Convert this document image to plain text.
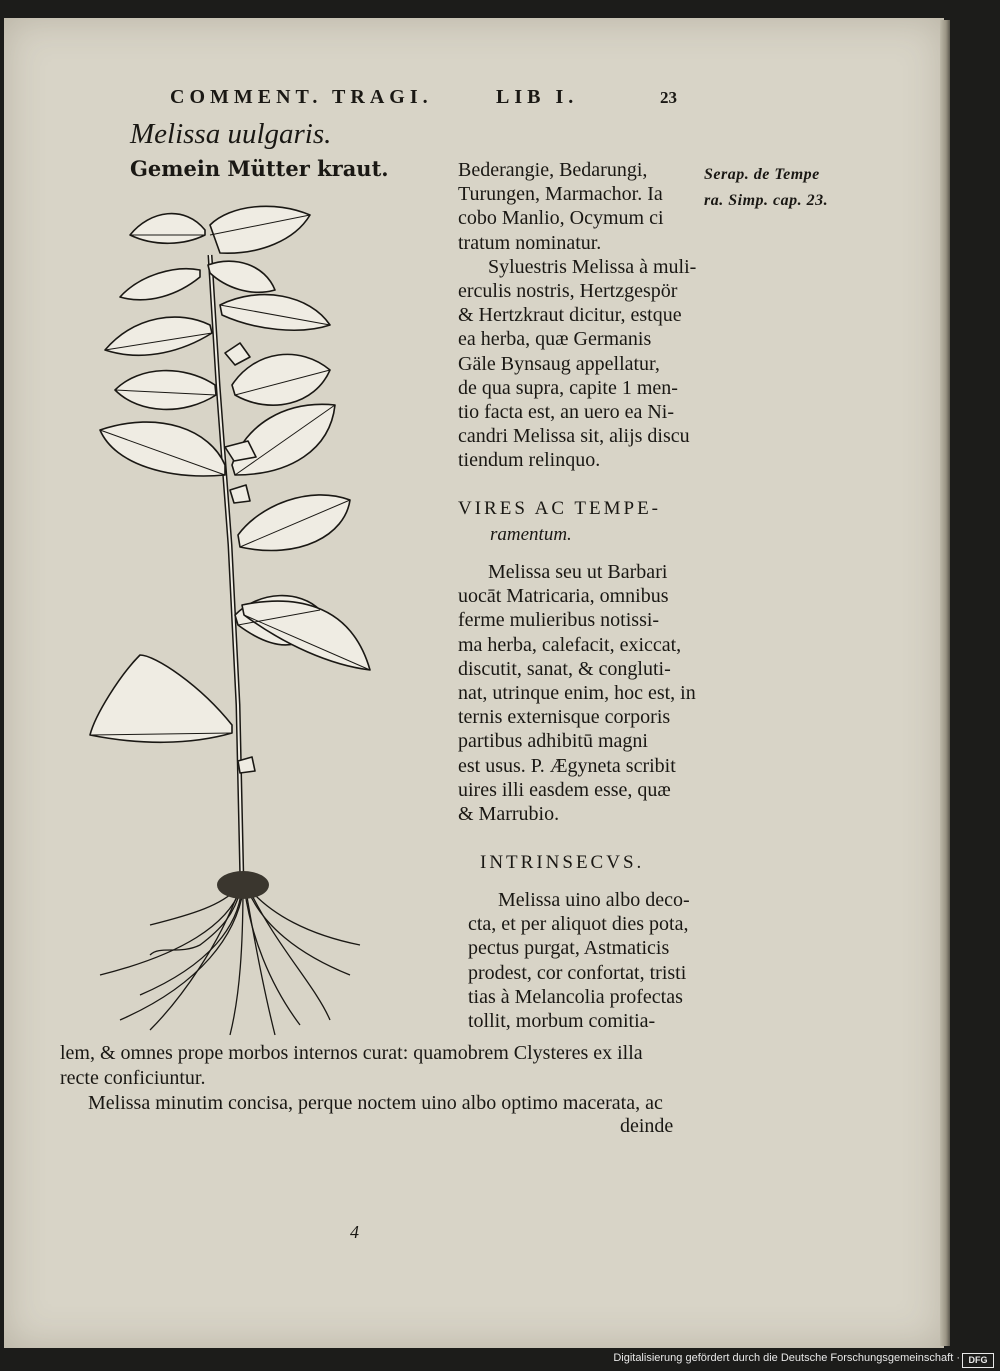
COMMENT. TRAGI.	LIB I.	23
Melissa uulgaris.
Gemein Mütter kraut.	Serap. de Tempe
ra. Simp. cap. 23.
Bederangie, Bedarungi,
Turungen, Marmachor. Ia
cobo Manlio, Ocymum ci
tratum nominatur.
Syluestris Melissa à muli-
erculis nostris, Hertzgespör
& Hertzkraut dicitur, estque
ea herba, quæ Germanis
Gäle Bynsaug appellatur,
de qua supra, capite 1 men-
tio facta est, an uero ea Ni-
candri Melissa sit, alijs discu
tiendum relinquo.
VIRES AC TEMPE-
ramentum.
Melissa seu ut Barbari
uocāt Matricaria, omnibus
ferme mulieribus notissi-
ma herba, calefacit, exiccat,
discutit, sanat, & congluti-
nat, utrinque enim, hoc est, in
ternis externisque corporis
partibus adhibitū magni
est usus. P. Ægyneta scribit
uires illi easdem esse, quæ
& Marrubio.
INTRINSECVS.
Melissa uino albo deco-
cta, et per aliquot dies pota,
pectus purgat, Astmaticis
prodest, cor confortat, tristi
tias à Melancolia profectas
tollit, morbum comitia-
lem, & omnes prope morbos internos curat: quamobrem Clysteres ex illa
recte conficiuntur.
Melissa minutim concisa, perque noctem uino albo optimo macerata, ac
deinde
4
Digitalisierung gefördert durch die Deutsche Forschungsgemeinschaft · DFG
